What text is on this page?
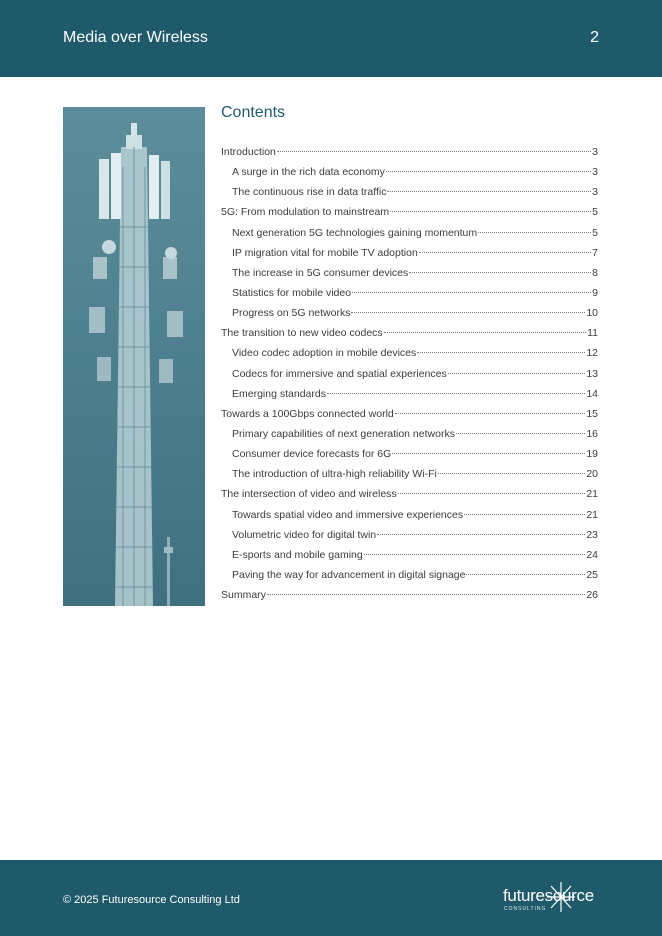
Media over Wireless	2
Contents
Introduction	3
A surge in the rich data economy	3
The continuous rise in data traffic	3
5G: From modulation to mainstream	5
Next generation 5G technologies gaining momentum	5
IP migration vital for mobile TV adoption	7
The increase in 5G consumer devices	8
Statistics for mobile video	9
Progress on 5G networks	10
The transition to new video codecs	11
Video codec adoption in mobile devices	12
Codecs for immersive and spatial experiences	13
Emerging standards	14
Towards a 100Gbps connected world	15
Primary capabilities of next generation networks	16
Consumer device forecasts for 6G	19
The introduction of ultra-high reliability Wi-Fi	20
The intersection of video and wireless	21
Towards spatial video and immersive experiences	21
Volumetric video for digital twin	23
E-sports and mobile gaming	24
Paving the way for advancement in digital signage	25
Summary	26
© 2025 Futuresource Consulting Ltd	futuresource
CONSULTING
